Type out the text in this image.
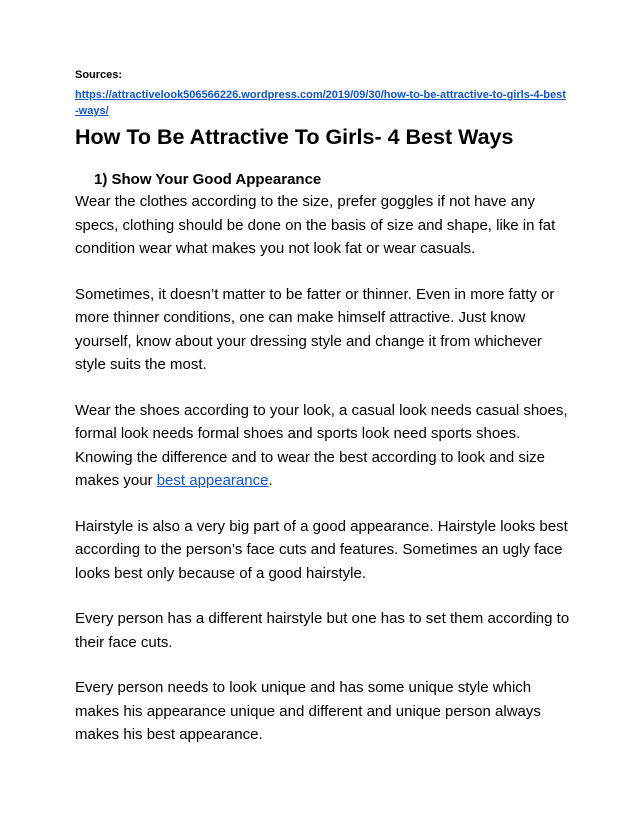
Sources:

https://attractivelook506566226.wordpress.com/2019/09/30/how-to-be-attractive-to-girls-4-best-ways/
How To Be Attractive To Girls- 4 Best Ways
1) Show Your Good Appearance

Wear the clothes according to the size, prefer goggles if not have any specs, clothing should be done on the basis of size and shape, like in fat condition wear what makes you not look fat or wear casuals.

Sometimes, it doesn’t matter to be fatter or thinner. Even in more fatty or more thinner conditions, one can make himself attractive. Just know yourself, know about your dressing style and change it from whichever style suits the most.

Wear the shoes according to your look, a casual look needs casual shoes, formal look needs formal shoes and sports look need sports shoes. Knowing the difference and to wear the best according to look and size makes your best appearance.

Hairstyle is also a very big part of a good appearance. Hairstyle looks best according to the person’s face cuts and features. Sometimes an ugly face looks best only because of a good hairstyle.

Every person has a different hairstyle but one has to set them according to their face cuts.

Every person needs to look unique and has some unique style which makes his appearance unique and different and unique person always makes his best appearance.
